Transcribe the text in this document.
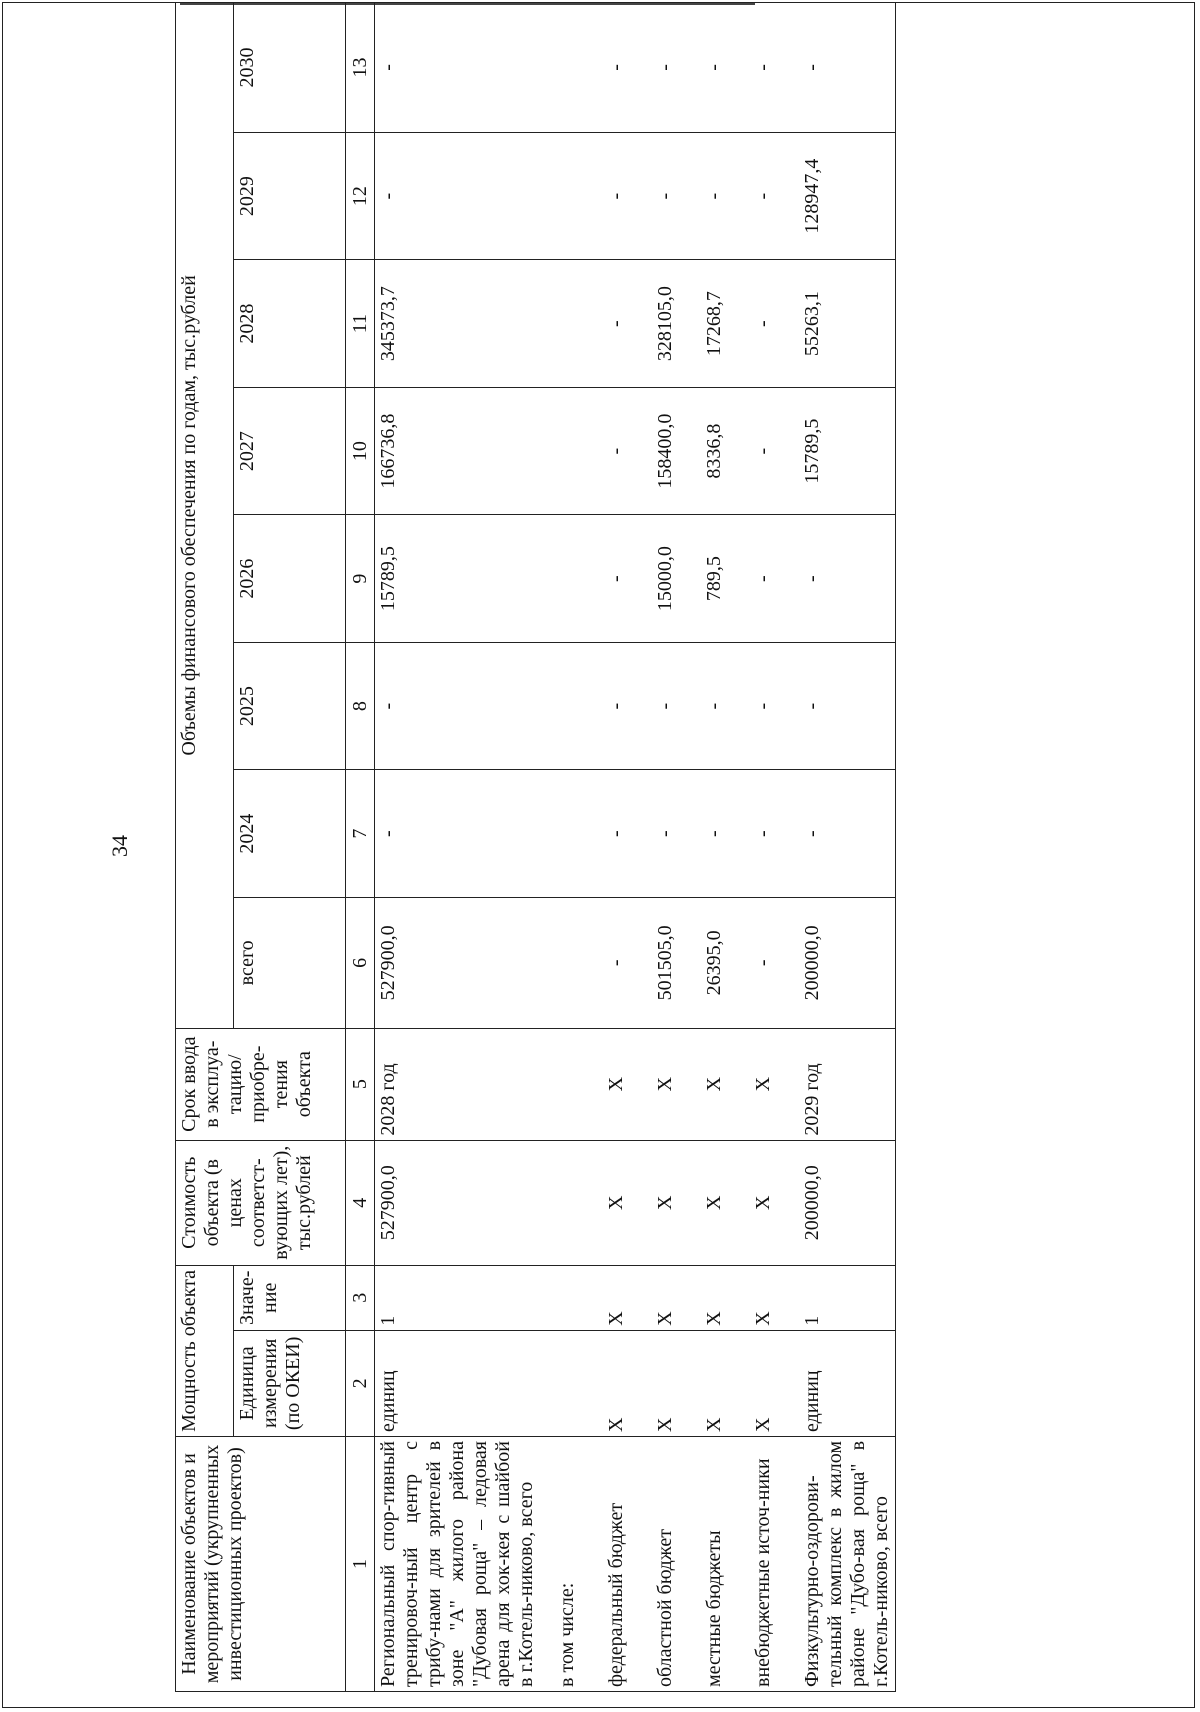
34
Наименование объектов и мероприятий (укрупненных инвестиционных проектов)	Мощность объекта		Стоимость объекта (в ценах соответст-вующих лет), тыс.рублей	Срок ввода в эксплуа-тацию/ приобре-тения объекта	Объемы финансового обеспечения по годам, тыс.рублей							
	Единица измерения (по ОКЕИ)	Значе-ние			всего	2024	2025	2026	2027	2028	2029	2030
1	2	3	4	5	6	7	8	9	10	11	12	13
Региональный спор-тивный тренировоч-ный центр с трибу-нами для зрителей в зоне "А" жилого района "Дубовая роща" – ледовая арена для хок-кея с шайбой в г.Котель-никово, всего	единиц	1	527900,0	2028 год	527900,0	-	-	15789,5	166736,8	345373,7	-	-
в том числе:												

федеральный бюджет	X	X	X	X	-	-	-	-	-	-	-	-

областной бюджет	X	X	X	X	501505,0	-	-	15000,0	158400,0	328105,0	-	-

местные бюджеты	X	X	X	X	26395,0	-	-	789,5	8336,8	17268,7	-	-

внебюджетные источ-ники	X	X	X	X	-	-	-	-	-	-	-	-

Физкультурно-оздорови-тельный комплекс в жилом районе "Дубо-вая роща" в г.Котель-никово, всего	единиц	1	200000,0	2029 год	200000,0	-	-	-	15789,5	55263,1	128947,4	-
